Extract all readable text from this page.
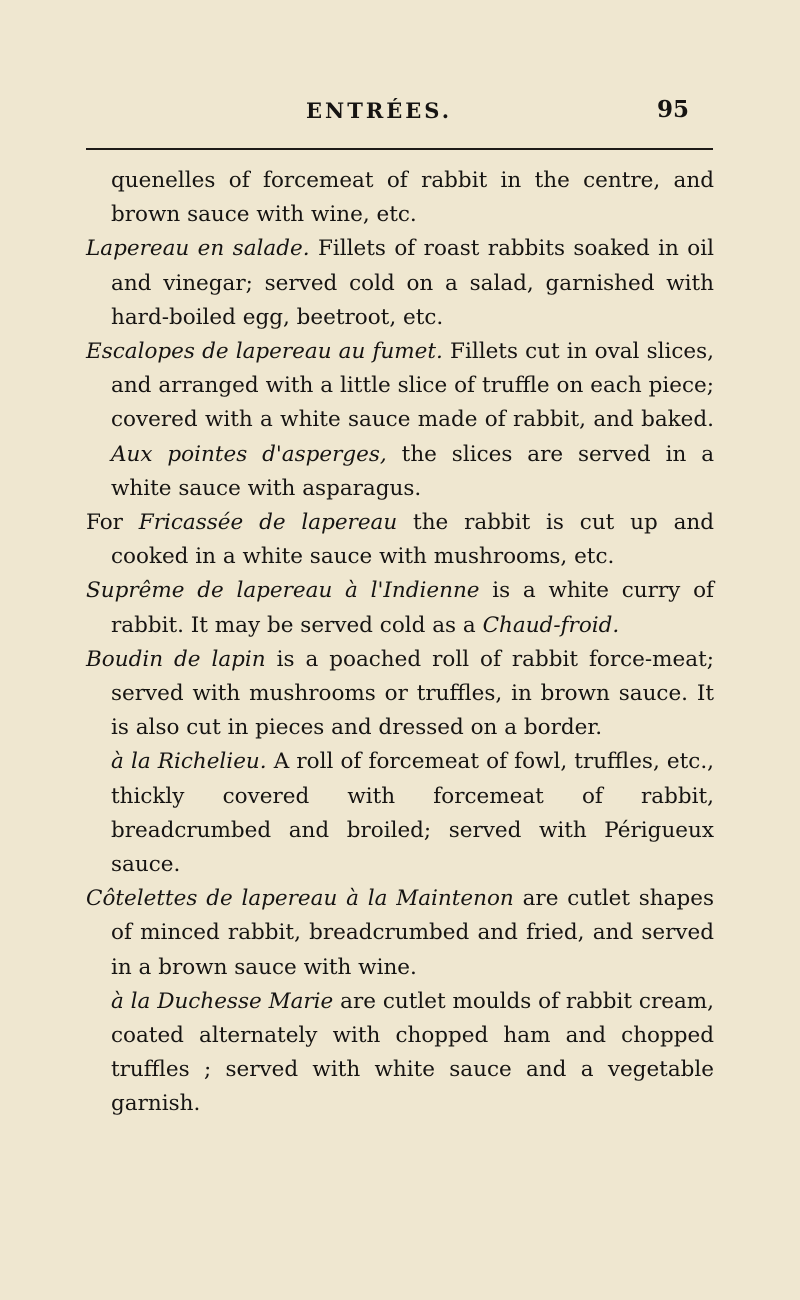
ENTRÉES.	95

quenelles of forcemeat of rabbit in the centre, and brown sauce with wine, etc.

Lapereau en salade. Fillets of roast rabbits soaked in oil and vinegar; served cold on a salad, garnished with hard-boiled egg, beetroot, etc.

Escalopes de lapereau au fumet. Fillets cut in oval slices, and arranged with a little slice of truffle on each piece; covered with a white sauce made of rabbit, and baked. Aux pointes d'asperges, the slices are served in a white sauce with asparagus.

For Fricassée de lapereau the rabbit is cut up and cooked in a white sauce with mushrooms, etc.

Suprême de lapereau à l'Indienne is a white curry of rabbit. It may be served cold as a Chaud-froid.

Boudin de lapin is a poached roll of rabbit force-meat; served with mushrooms or truffles, in brown sauce. It is also cut in pieces and dressed on a border.

à la Richelieu. A roll of forcemeat of fowl, truffles, etc., thickly covered with forcemeat of rabbit, breadcrumbed and broiled; served with Périgueux sauce.

Côtelettes de lapereau à la Maintenon are cutlet shapes of minced rabbit, breadcrumbed and fried, and served in a brown sauce with wine.

à la Duchesse Marie are cutlet moulds of rabbit cream, coated alternately with chopped ham and chopped truffles ; served with white sauce and a vegetable garnish.
